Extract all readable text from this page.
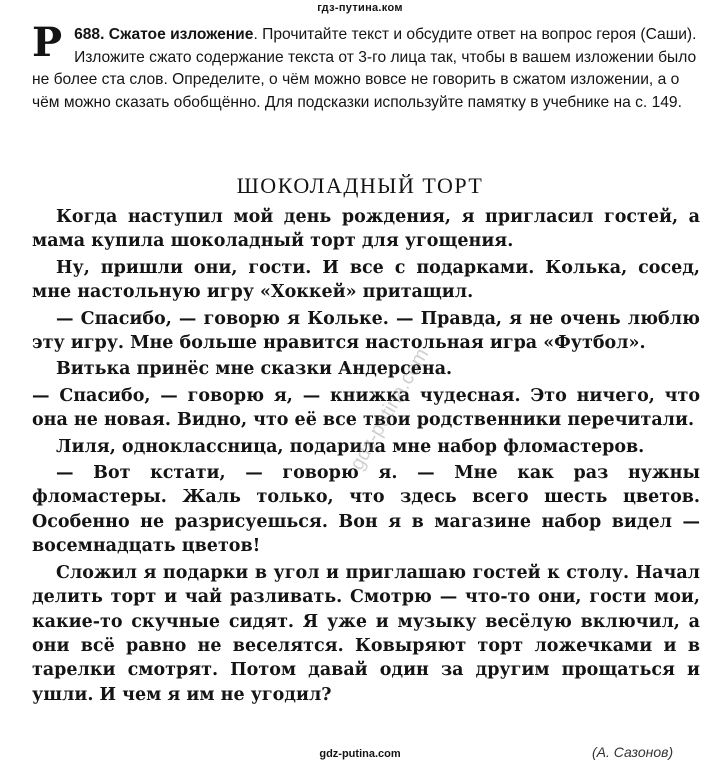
гдз-путина.ком
Р 688. Сжатое изложение. Прочитайте текст и обсудите ответ на вопрос героя (Саши). Изложите сжато содержание текста от 3-го лица так, чтобы в вашем изложении было не более ста слов. Определите, о чём можно вовсе не говорить в сжатом изложении, а о чём можно сказать обобщённо. Для подсказки используйте памятку в учебнике на с. 149.
ШОКОЛАДНЫЙ ТОРТ

Когда наступил мой день рождения, я пригласил гостей, а мама купила шоколадный торт для угощения.

Ну, пришли они, гости. И все с подарками. Колька, сосед, мне настольную игру «Хоккей» притащил.

— Спасибо, — говорю я Кольке. — Правда, я не очень люблю эту игру. Мне больше нравится настольная игра «Футбол».

Витька принёс мне сказки Андерсена.

— Спасибо, — говорю я, — книжка чудесная. Это ничего, что она не новая. Видно, что её все твои родственники перечитали.

Лиля, одноклассница, подарила мне набор фломастеров.

— Вот кстати, — говорю я. — Мне как раз нужны фломастеры. Жаль только, что здесь всего шесть цветов. Особенно не разрисуешься. Вон я в магазине набор видел — восемнадцать цветов!

Сложил я подарки в угол и приглашаю гостей к столу. Начал делить торт и чай разливать. Смотрю — что-то они, гости мои, какие-то скучные сидят. Я уже и музыку весёлую включил, а они всё равно не веселятся. Ковыряют торт ложечками и в тарелки смотрят. Потом давай один за другим прощаться и ушли. И чем я им не угодил?

(А. Сазонов)
gdz-putina.com
gdz-putina.com
